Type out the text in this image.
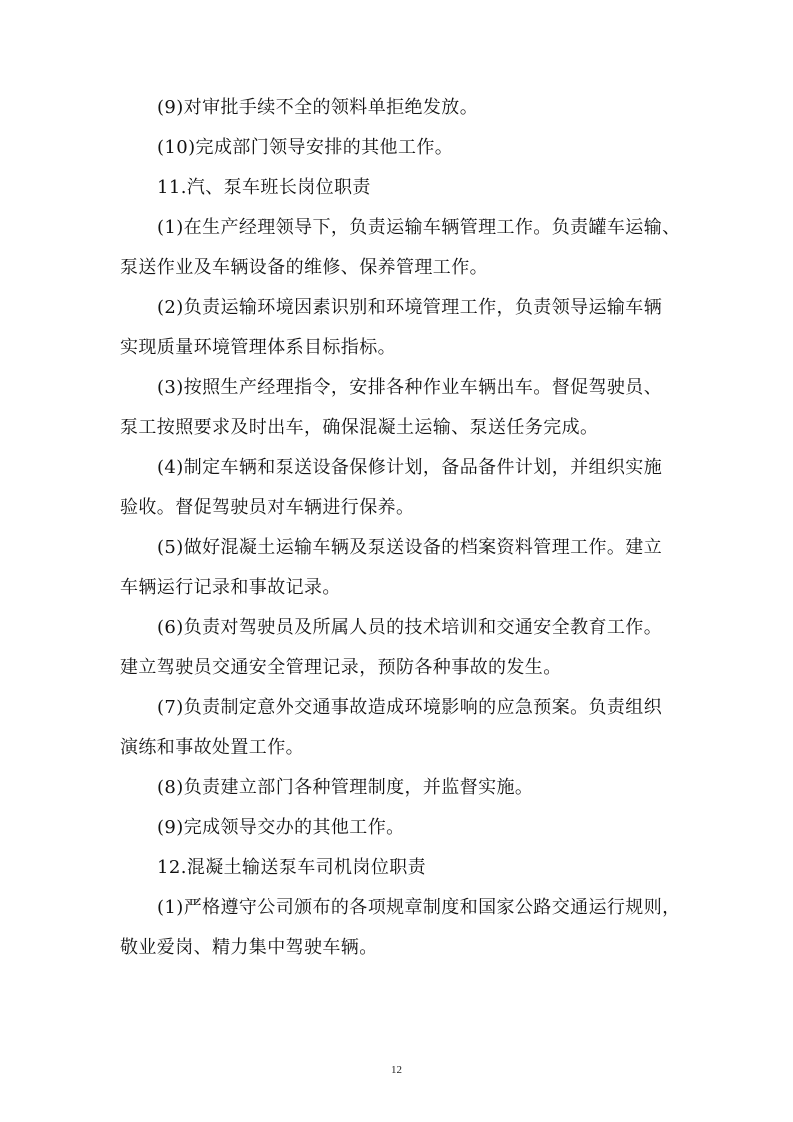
(9)对审批手续不全的领料单拒绝发放。
(10)完成部门领导安排的其他工作。
11.汽、泵车班长岗位职责
(1)在生产经理领导下，负责运输车辆管理工作。负责罐车运输、
泵送作业及车辆设备的维修、保养管理工作。
(2)负责运输环境因素识别和环境管理工作，负责领导运输车辆
实现质量环境管理体系目标指标。
(3)按照生产经理指令，安排各种作业车辆出车。督促驾驶员、
泵工按照要求及时出车，确保混凝土运输、泵送任务完成。
(4)制定车辆和泵送设备保修计划，备品备件计划，并组织实施
验收。督促驾驶员对车辆进行保养。
(5)做好混凝土运输车辆及泵送设备的档案资料管理工作。建立
车辆运行记录和事故记录。
(6)负责对驾驶员及所属人员的技术培训和交通安全教育工作。
建立驾驶员交通安全管理记录，预防各种事故的发生。
(7)负责制定意外交通事故造成环境影响的应急预案。负责组织
演练和事故处置工作。
(8)负责建立部门各种管理制度，并监督实施。
(9)完成领导交办的其他工作。
12.混凝土输送泵车司机岗位职责
(1)严格遵守公司颁布的各项规章制度和国家公路交通运行规则，
敬业爱岗、精力集中驾驶车辆。
12
